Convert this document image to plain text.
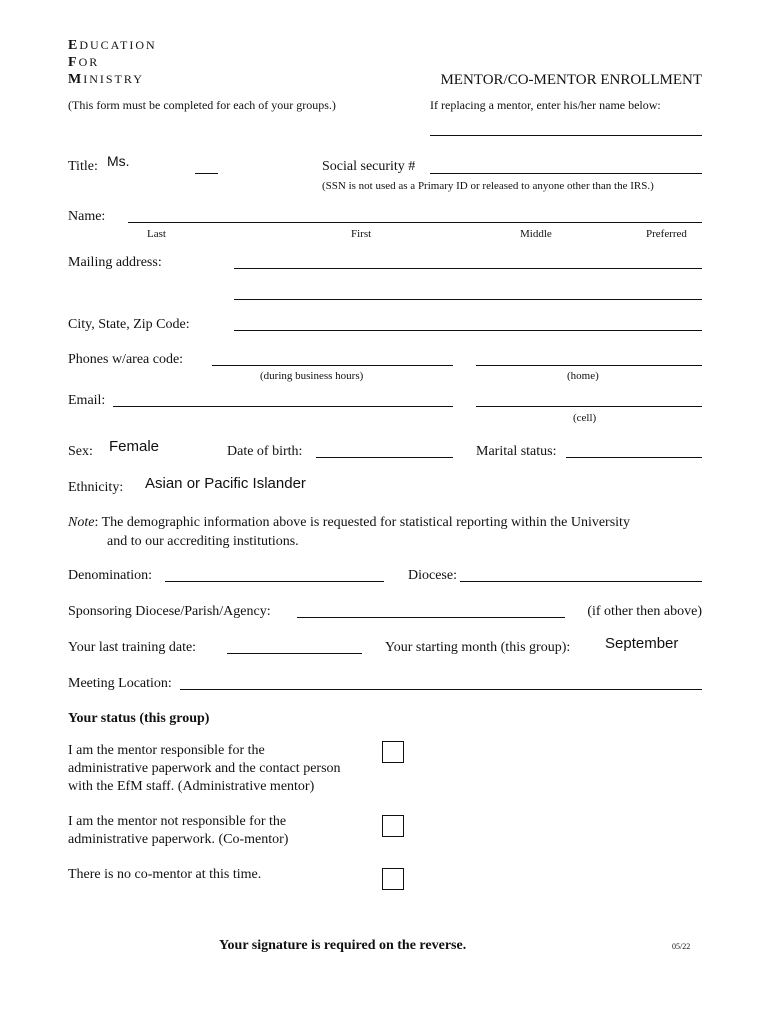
EDUCATION
FOR
MINISTRY	MENTOR/CO-MENTOR ENROLLMENT
(This form must be completed for each of your groups.)	If replacing a mentor, enter his/her name below:
Title: Ms.	Social security #
(SSN is not used as a Primary ID or released to anyone other than the IRS.)
Name:
Last	First	Middle	Preferred
Mailing address:
City, State, Zip Code:
Phones w/area code:
(during business hours)	(home)
Email:
(cell)
Sex: Female	Date of birth:	Marital status:
Ethnicity: Asian or Pacific Islander
Note: The demographic information above is requested for statistical reporting within the University
and to our accrediting institutions.
Denomination:	Diocese:
Sponsoring Diocese/Parish/Agency:	(if other then above)
Your last training date:	Your starting month (this group): September
Meeting Location:
Your status (this group)
I am the mentor responsible for the
administrative paperwork and the contact person
with the EfM staff. (Administrative mentor)
I am the mentor not responsible for the
administrative paperwork. (Co-mentor)
There is no co-mentor at this time.
Your signature is required on the reverse.	05/22
